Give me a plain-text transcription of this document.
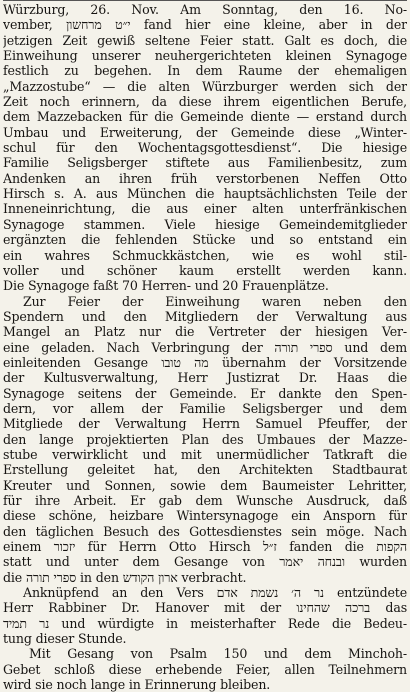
Würzburg, 26. Nov. Am Sonntag, den 16. No-
vember, י״ט מרחשון fand hier eine kleine, aber in der
jetzigen Zeit gewiß seltene Feier statt. Galt es doch, die
Einweihung unserer neuhergerichteten kleinen Synagoge
festlich zu begehen. In dem Raume der ehemaligen
„Mazzostube“ — die alten Würzburger werden sich der
Zeit noch erinnern, da diese ihrem eigentlichen Berufe,
dem Mazzebacken für die Gemeinde diente — erstand durch
Umbau und Erweiterung, der Gemeinde diese „Winter-
schul für den Wochentagsgottesdienst“. Die hiesige
Familie Seligsberger stiftete aus Familienbesitz, zum
Andenken an ihren früh verstorbenen Neffen Otto
Hirsch s. A. aus München die hauptsächlichsten Teile der
Inneneinrichtung, die aus einer alten unterfränkischen
Synagoge stammen. Viele hiesige Gemeindemitglieder
ergänzten die fehlenden Stücke und so entstand ein
ein wahres Schmuckkästchen, wie es wohl stil-
voller und schöner kaum erstellt werden kann.
Die Synagoge faßt 70 Herren- und 20 Frauenplätze.
Zur Feier der Einweihung waren neben den
Spendern und den Mitgliedern der Verwaltung aus
Mangel an Platz nur die Vertreter der hiesigen Ver-
eine geladen. Nach Verbringung der ספרי תורה und dem
einleitenden Gesange מה טובו übernahm der Vorsitzende
der Kultusverwaltung, Herr Justizrat Dr. Haas die
Synagoge seitens der Gemeinde. Er dankte den Spen-
dern, vor allem der Familie Seligsberger und dem
Mitgliede der Verwaltung Herrn Samuel Pfeuffer, der
den lange projektierten Plan des Umbaues der Mazze-
stube verwirklicht und mit unermüdlicher Tatkraft die
Erstellung geleitet hat, den Architekten Stadtbaurat
Kreuter und Sonnen, sowie dem Baumeister Lehritter,
für ihre Arbeit. Er gab dem Wunsche Ausdruck, daß
diese schöne, heizbare Wintersynagoge ein Ansporn für
den täglichen Besuch des Gottesdienstes sein möge. Nach
einem יזכור für Herrn Otto Hirsch ז״ל fanden die הקפות
statt und unter dem Gesange von ובנחה יאמר wurden
die ספרי תורה in den ארון הקודש verbracht.
Anknüpfend an den Vers נר ה׳ נשמת אדם entzündete
Herr Rabbiner Dr. Hanover mit der ברכה שהחינו das
נר תמיד und würdigte in meisterhafter Rede die Bedeu-
tung dieser Stunde.
Mit Gesang von Psalm 150 und dem Minchoh-
Gebet schloß diese erhebende Feier, allen Teilnehmern
wird sie noch lange in Erinnerung bleiben.
